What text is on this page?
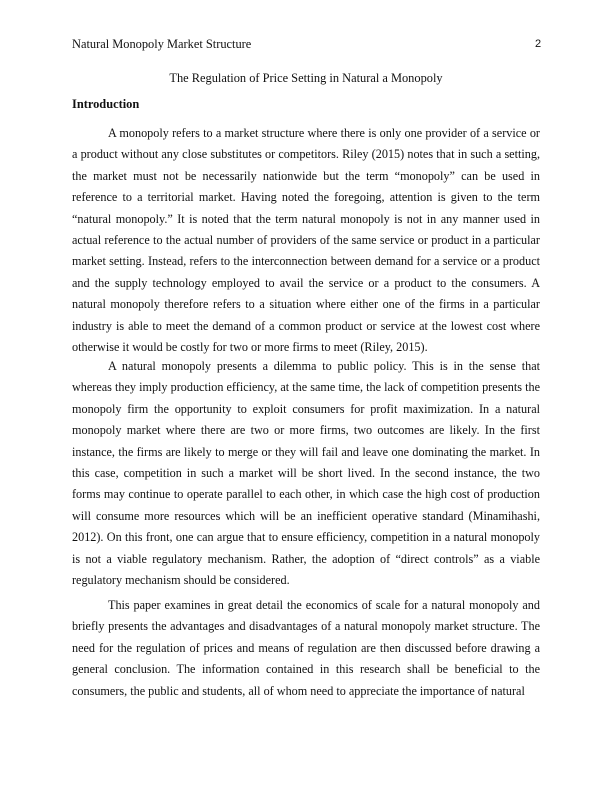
Natural Monopoly Market Structure	2
The Regulation of Price Setting in Natural a Monopoly
Introduction

A monopoly refers to a market structure where there is only one provider of a service or a product without any close substitutes or competitors. Riley (2015) notes that in such a setting, the market must not be necessarily nationwide but the term “monopoly” can be used in reference to a territorial market. Having noted the foregoing, attention is given to the term “natural monopoly.” It is noted that the term natural monopoly is not in any manner used in actual reference to the actual number of providers of the same service or product in a particular market setting. Instead, refers to the interconnection between demand for a service or a product and the supply technology employed to avail the service or a product to the consumers. A natural monopoly therefore refers to a situation where either one of the firms in a particular industry is able to meet the demand of a common product or service at the lowest cost where otherwise it would be costly for two or more firms to meet (Riley, 2015).

A natural monopoly presents a dilemma to public policy. This is in the sense that whereas they imply production efficiency, at the same time, the lack of competition presents the monopoly firm the opportunity to exploit consumers for profit maximization. In a natural monopoly market where there are two or more firms, two outcomes are likely. In the first instance, the firms are likely to merge or they will fail and leave one dominating the market. In this case, competition in such a market will be short lived. In the second instance, the two forms may continue to operate parallel to each other, in which case the high cost of production will consume more resources which will be an inefficient operative standard (Minamihashi, 2012). On this front, one can argue that to ensure efficiency, competition in a natural monopoly is not a viable regulatory mechanism. Rather, the adoption of “direct controls” as a viable regulatory mechanism should be considered.

This paper examines in great detail the economics of scale for a natural monopoly and briefly presents the advantages and disadvantages of a natural monopoly market structure. The need for the regulation of prices and means of regulation are then discussed before drawing a general conclusion. The information contained in this research shall be beneficial to the consumers, the public and students, all of whom need to appreciate the importance of natural
